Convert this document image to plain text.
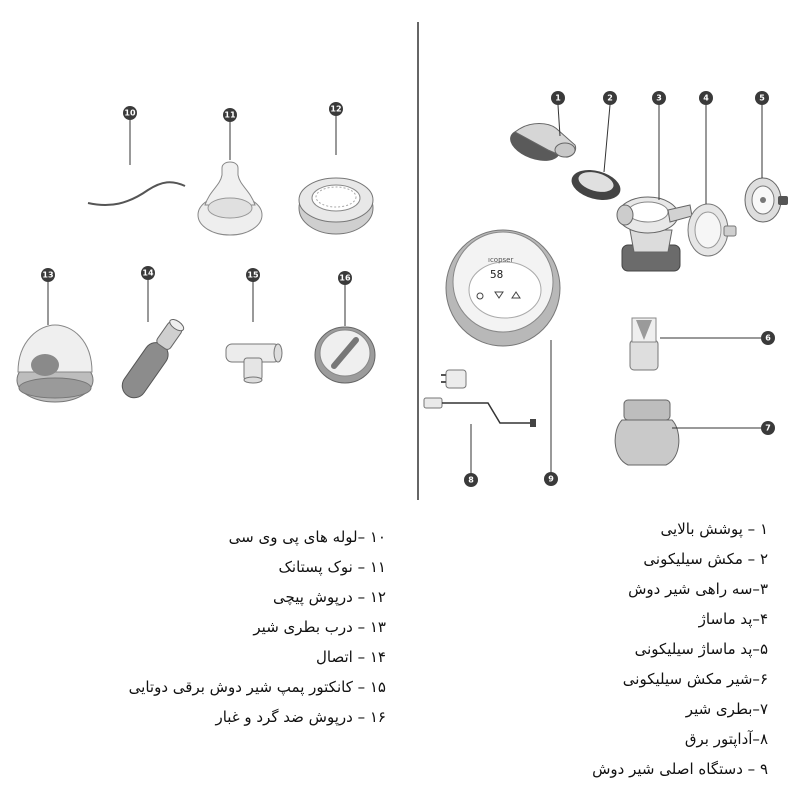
ıcopser
58
10	11
12
13	14	15	16
1	2	3	4	5
6
7
8	9
۱ – پوشش بالایی
۲ – مکش سیلیکونی
۳–سه راهی شیر دوش
۴–پد ماساژ
۵–پد ماساژ سیلیکونی
۶–شیر مکش سیلیکونی
۷–بطری شیر
۸–آداپتور برق
۹ – دستگاه اصلی شیر دوش
۱۰ –لوله های پی وی سی
۱۱ – نوک پستانک
۱۲ – درپوش پیچی
۱۳ – درب بطری شیر
۱۴ – اتصال
۱۵ – کانکتور پمپ شیر دوش برقی دوتایی
۱۶ – درپوش ضد گرد و غبار
